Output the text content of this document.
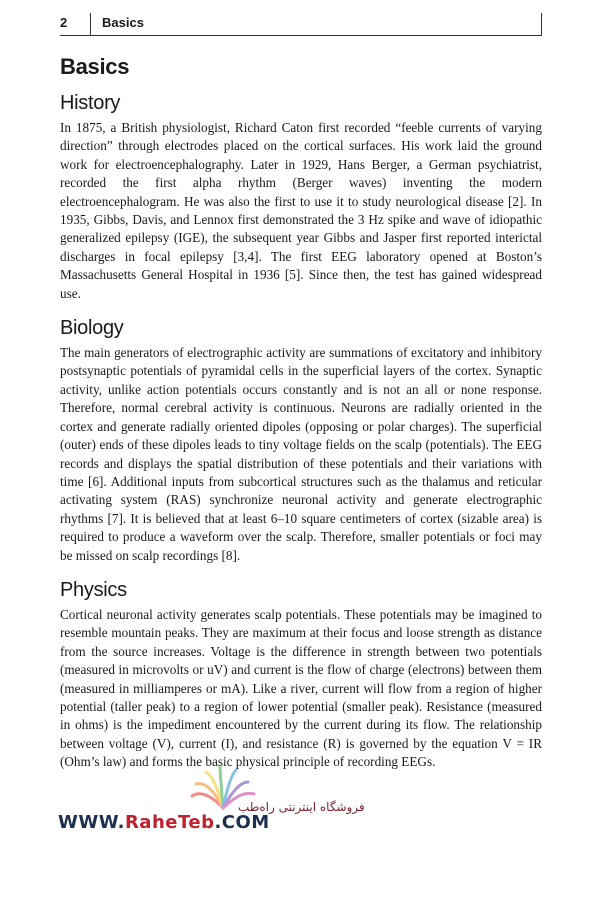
2	Basics
Basics
History

In 1875, a British physiologist, Richard Caton first recorded “feeble currents of varying direction” through electrodes placed on the cortical surfaces. His work laid the ground work for electroencephalography. Later in 1929, Hans Berger, a German psychiatrist, recorded the first alpha rhythm (Berger waves) inventing the modern electroencephalogram. He was also the first to use it to study neurological disease [2]. In 1935, Gibbs, Davis, and Lennox first demonstrated the 3 Hz spike and wave of idiopathic generalized epilepsy (IGE), the subsequent year Gibbs and Jasper first reported interictal discharges in focal epilepsy [3,4]. The first EEG laboratory opened at Boston’s Massachusetts General Hospital in 1936 [5]. Since then, the test has gained widespread use.

Biology

The main generators of electrographic activity are summations of excitatory and inhibitory postsynaptic potentials of pyramidal cells in the superficial layers of the cortex. Synaptic activity, unlike action potentials occurs constantly and is not an all or none response. Therefore, normal cerebral activity is continuous. Neurons are radially oriented in the cortex and generate radially oriented dipoles (opposing or polar charges). The superficial (outer) ends of these dipoles leads to tiny voltage fields on the scalp (potentials). The EEG records and displays the spatial distribution of these potentials and their variations with time [6]. Additional inputs from subcortical structures such as the thalamus and reticular activating system (RAS) synchronize neuronal activity and generate electrographic rhythms [7]. It is believed that at least 6–10 square centimeters of cortex (sizable area) is required to produce a waveform over the scalp. Therefore, smaller potentials or foci may be missed on scalp recordings [8].

Physics

Cortical neuronal activity generates scalp potentials. These potentials may be imagined to resemble mountain peaks. They are maximum at their focus and loose strength as distance from the source increases. Voltage is the difference in strength between two potentials (measured in microvolts or uV) and current is the flow of charge (electrons) between them (measured in milliamperes or mA). Like a river, current will flow from a region of higher potential (taller peak) to a region of lower potential (smaller peak). Resistance (measured in ohms) is the impediment encountered by the current during its flow. The relationship between voltage (V), current (I), and resistance (R) is governed by the equation V = IR (Ohm’s law) and forms the basic physical principle of recording EEGs.

فروشگاه اینترنتی راه‌طب
WWW.RaheTeb.COM
